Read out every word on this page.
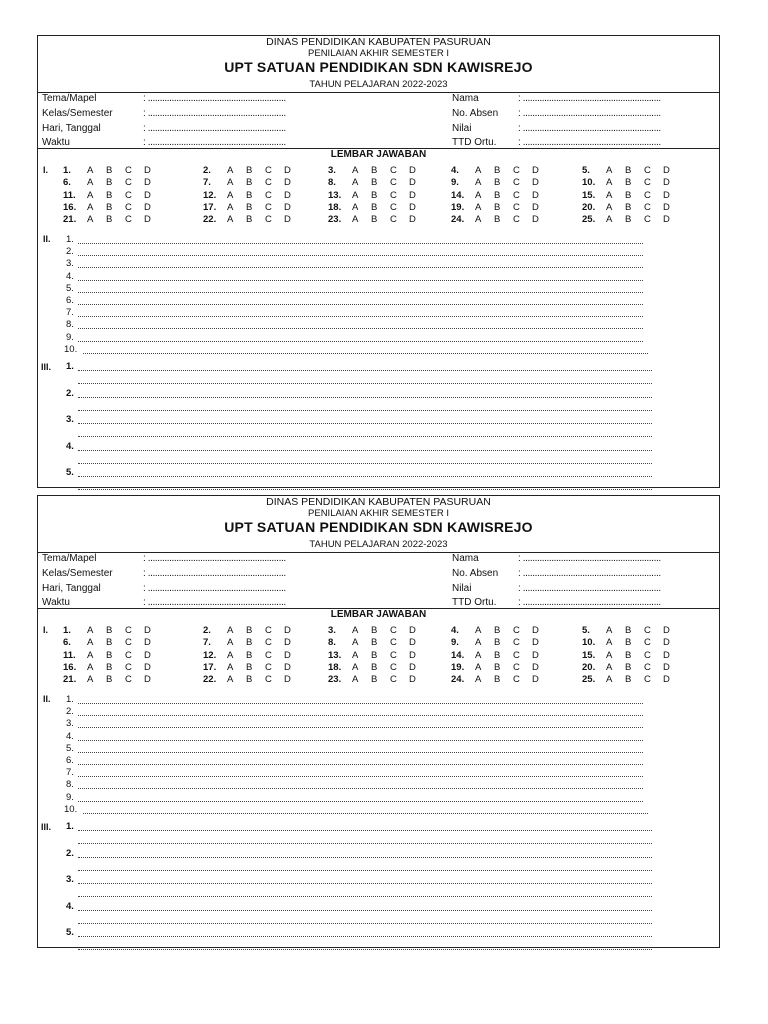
DINAS PENDIDIKAN KABUPATEN PASURUAN
PENILAIAN AKHIR SEMESTER I
UPT SATUAN PENDIDIKAN SDN KAWISREJO
TAHUN PELAJARAN 2022-2023
Tema/Mapel	: ..........................................................
Kelas/Semester	: ..........................................................
Hari, Tanggal	: ..........................................................
Waktu	: ..........................................................
Nama	: ..........................................................
No. Absen : ..........................................................
Nilai	: ..........................................................
TTD Ortu. : ..........................................................
LEMBAR JAWABAN
I. 1. A B C D	2. A B C D	3. A B C D	4. A B C D	5. A B C D
6. A B C D	7. A B C D	8. A B C D	9. A B C D	10. A B C D
11. A B C D	12. A B C D	13. A B C D	14. A B C D	15. A B C D
16. A B C D	17. A B C D	18. A B C D	19. A B C D	20. A B C D
21. A B C D	22. A B C D	23. A B C D	24. A B C D	25. A B C D
II. 1.
2.
3.
4.
5.
6.
7.
8.
9.
10.
III. 1.
2.
3.
4.
5.
DINAS PENDIDIKAN KABUPATEN PASURUAN
PENILAIAN AKHIR SEMESTER I
UPT SATUAN PENDIDIKAN SDN KAWISREJO
TAHUN PELAJARAN 2022-2023
Tema/Mapel	: ..........................................................
Kelas/Semester	: ..........................................................
Hari, Tanggal	: ..........................................................
Waktu	: ..........................................................
Nama	: ..........................................................
No. Absen : ..........................................................
Nilai	: ..........................................................
TTD Ortu. : ..........................................................
LEMBAR JAWABAN
I. 1. A B C D	2. A B C D	3. A B C D	4. A B C D	5. A B C D
6. A B C D	7. A B C D	8. A B C D	9. A B C D	10. A B C D
11. A B C D	12. A B C D	13. A B C D	14. A B C D	15. A B C D
16. A B C D	17. A B C D	18. A B C D	19. A B C D	20. A B C D
21. A B C D	22. A B C D	23. A B C D	24. A B C D	25. A B C D
II. 1.
2.
3.
4.
5.
6.
7.
8.
9.
10.
III. 1.
2.
3.
4.
5.
